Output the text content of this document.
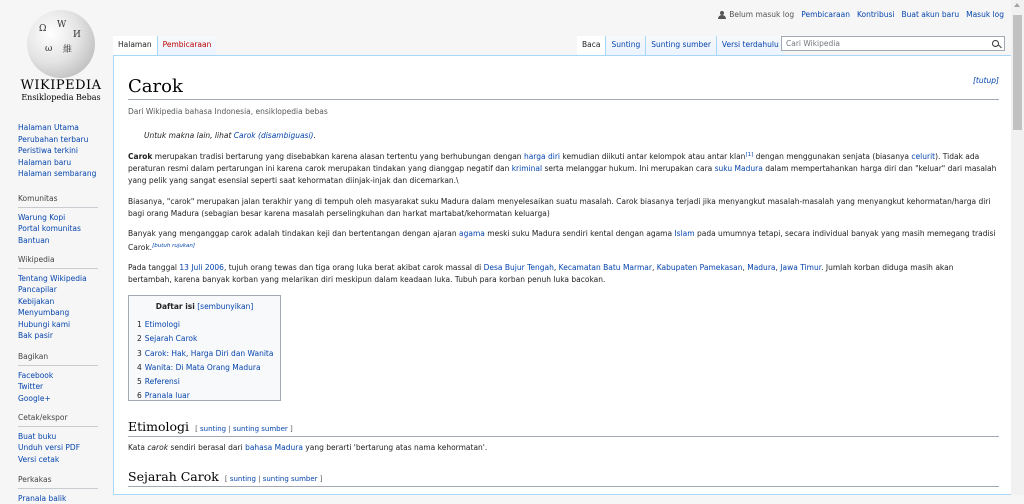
Ω W
И
ω 維
WIKIPEDIA
Ensiklopedia Bebas
Halaman Utama
Perubahan terbaru
Peristiwa terkini
Halaman baru
Halaman sembarang
Komunitas
Warung Kopi
Portal komunitas
Bantuan
Wikipedia
Tentang Wikipedia
Pancapilar
Kebijakan
Menyumbang
Hubungi kami
Bak pasir
Bagikan
Facebook
Twitter
Google+
Cetak/ekspor
Buat buku
Unduh versi PDF
Versi cetak
Perkakas
Pranala balik
Belum masuk log Pembicaraan Kontribusi Buat akun baru Masuk log
Halaman	Pembicaraan	Baca	Sunting	Sunting sumber	Versi terdahulu Cari Wikipedia
Carok	[tutup]
Dari Wikipedia bahasa Indonesia, ensiklopedia bebas
Untuk makna lain, lihat Carok (disambiguasi).

Carok merupakan tradisi bertarung yang disebabkan karena alasan tertentu yang berhubungan dengan harga diri kemudian diikuti antar kelompok atau antar klan[1] dengan menggunakan senjata (biasanya celurit). Tidak ada peraturan resmi dalam pertarungan ini karena carok merupakan tindakan yang dianggap negatif dan kriminal serta melanggar hukum. Ini merupakan cara suku Madura dalam mempertahankan harga diri dan "keluar" dari masalah yang pelik yang sangat esensial seperti saat kehormatan diinjak-injak dan dicemarkan.\

Biasanya, "carok" merupakan jalan terakhir yang di tempuh oleh masyarakat suku Madura dalam menyelesaikan suatu masalah. Carok biasanya terjadi jika menyangkut masalah-masalah yang menyangkut kehormatan/harga diri bagi orang Madura (sebagian besar karena masalah perselingkuhan dan harkat martabat/kehormatan keluarga)

Banyak yang menganggap carok adalah tindakan keji dan bertentangan dengan ajaran agama meski suku Madura sendiri kental dengan agama Islam pada umumnya tetapi, secara individual banyak yang masih memegang tradisi Carok.[butuh rujukan]

Pada tanggal 13 Juli 2006, tujuh orang tewas dan tiga orang luka berat akibat carok massal di Desa Bujur Tengah, Kecamatan Batu Marmar, Kabupaten Pamekasan, Madura, Jawa Timur. Jumlah korban diduga masih akan bertambah, karena banyak korban yang melarikan diri meskipun dalam keadaan luka. Tubuh para korban penuh luka bacokan.

Daftar isi [sembunyikan]
1 Etimologi
2 Sejarah Carok
3 Carok: Hak, Harga Diri dan Wanita
4 Wanita: Di Mata Orang Madura
5 Referensi
6 Pranala luar
Etimologi [ sunting | sunting sumber ]

Kata carok sendiri berasal dari bahasa Madura yang berarti 'bertarung atas nama kehormatan'.

Sejarah Carok [ sunting | sunting sumber ]
